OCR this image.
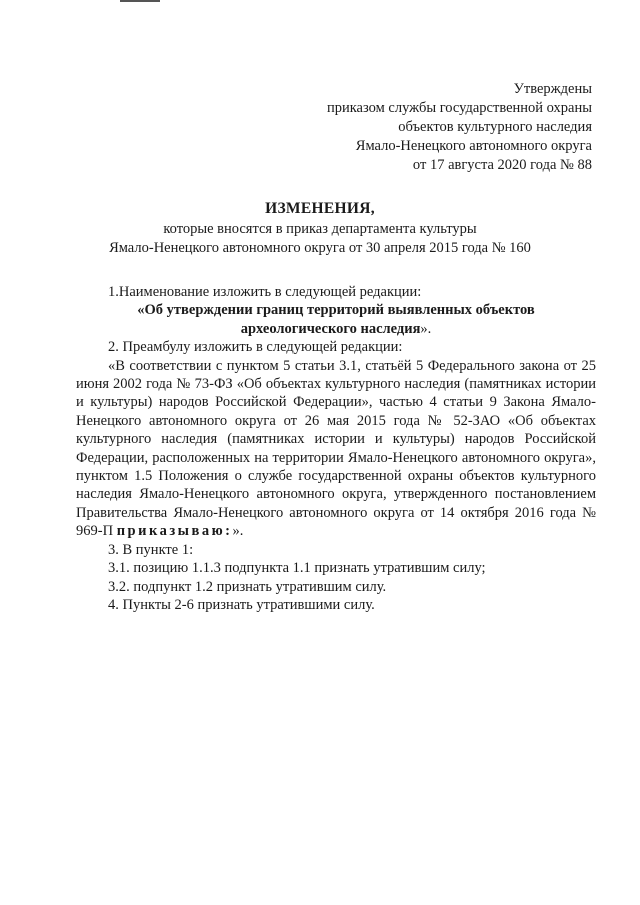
Утверждены
приказом службы государственной охраны
объектов культурного наследия
Ямало-Ненецкого автономного округа
от 17 августа 2020 года № 88
ИЗМЕНЕНИЯ,
которые вносятся в приказ департамента культуры
Ямало-Ненецкого автономного округа от 30 апреля 2015 года № 160
1.Наименование изложить в следующей редакции:
«Об утверждении границ территорий выявленных объектов
археологического наследия».
2. Преамбулу изложить в следующей редакции:
«В соответствии с пунктом 5 статьи 3.1, статьёй 5 Федерального закона от 25 июня 2002 года № 73-ФЗ «Об объектах культурного наследия (памятниках истории и культуры) народов Российской Федерации», частью 4 статьи 9 Закона Ямало-Ненецкого автономного округа от 26 мая 2015 года № 52-ЗАО «Об объектах культурного наследия (памятниках истории и культуры) народов Российской Федерации, расположенных на территории Ямало-Ненецкого автономного округа», пунктом 1.5 Положения о службе государственной охраны объектов культурного наследия Ямало-Ненецкого автономного округа, утвержденного постановлением Правительства Ямало-Ненецкого автономного округа от 14 октября 2016 года № 969-П приказываю:».
3. В пункте 1:
3.1. позицию 1.1.3 подпункта 1.1 признать утратившим силу;
3.2. подпункт 1.2 признать утратившим силу.
4. Пункты 2-6 признать утратившими силу.
